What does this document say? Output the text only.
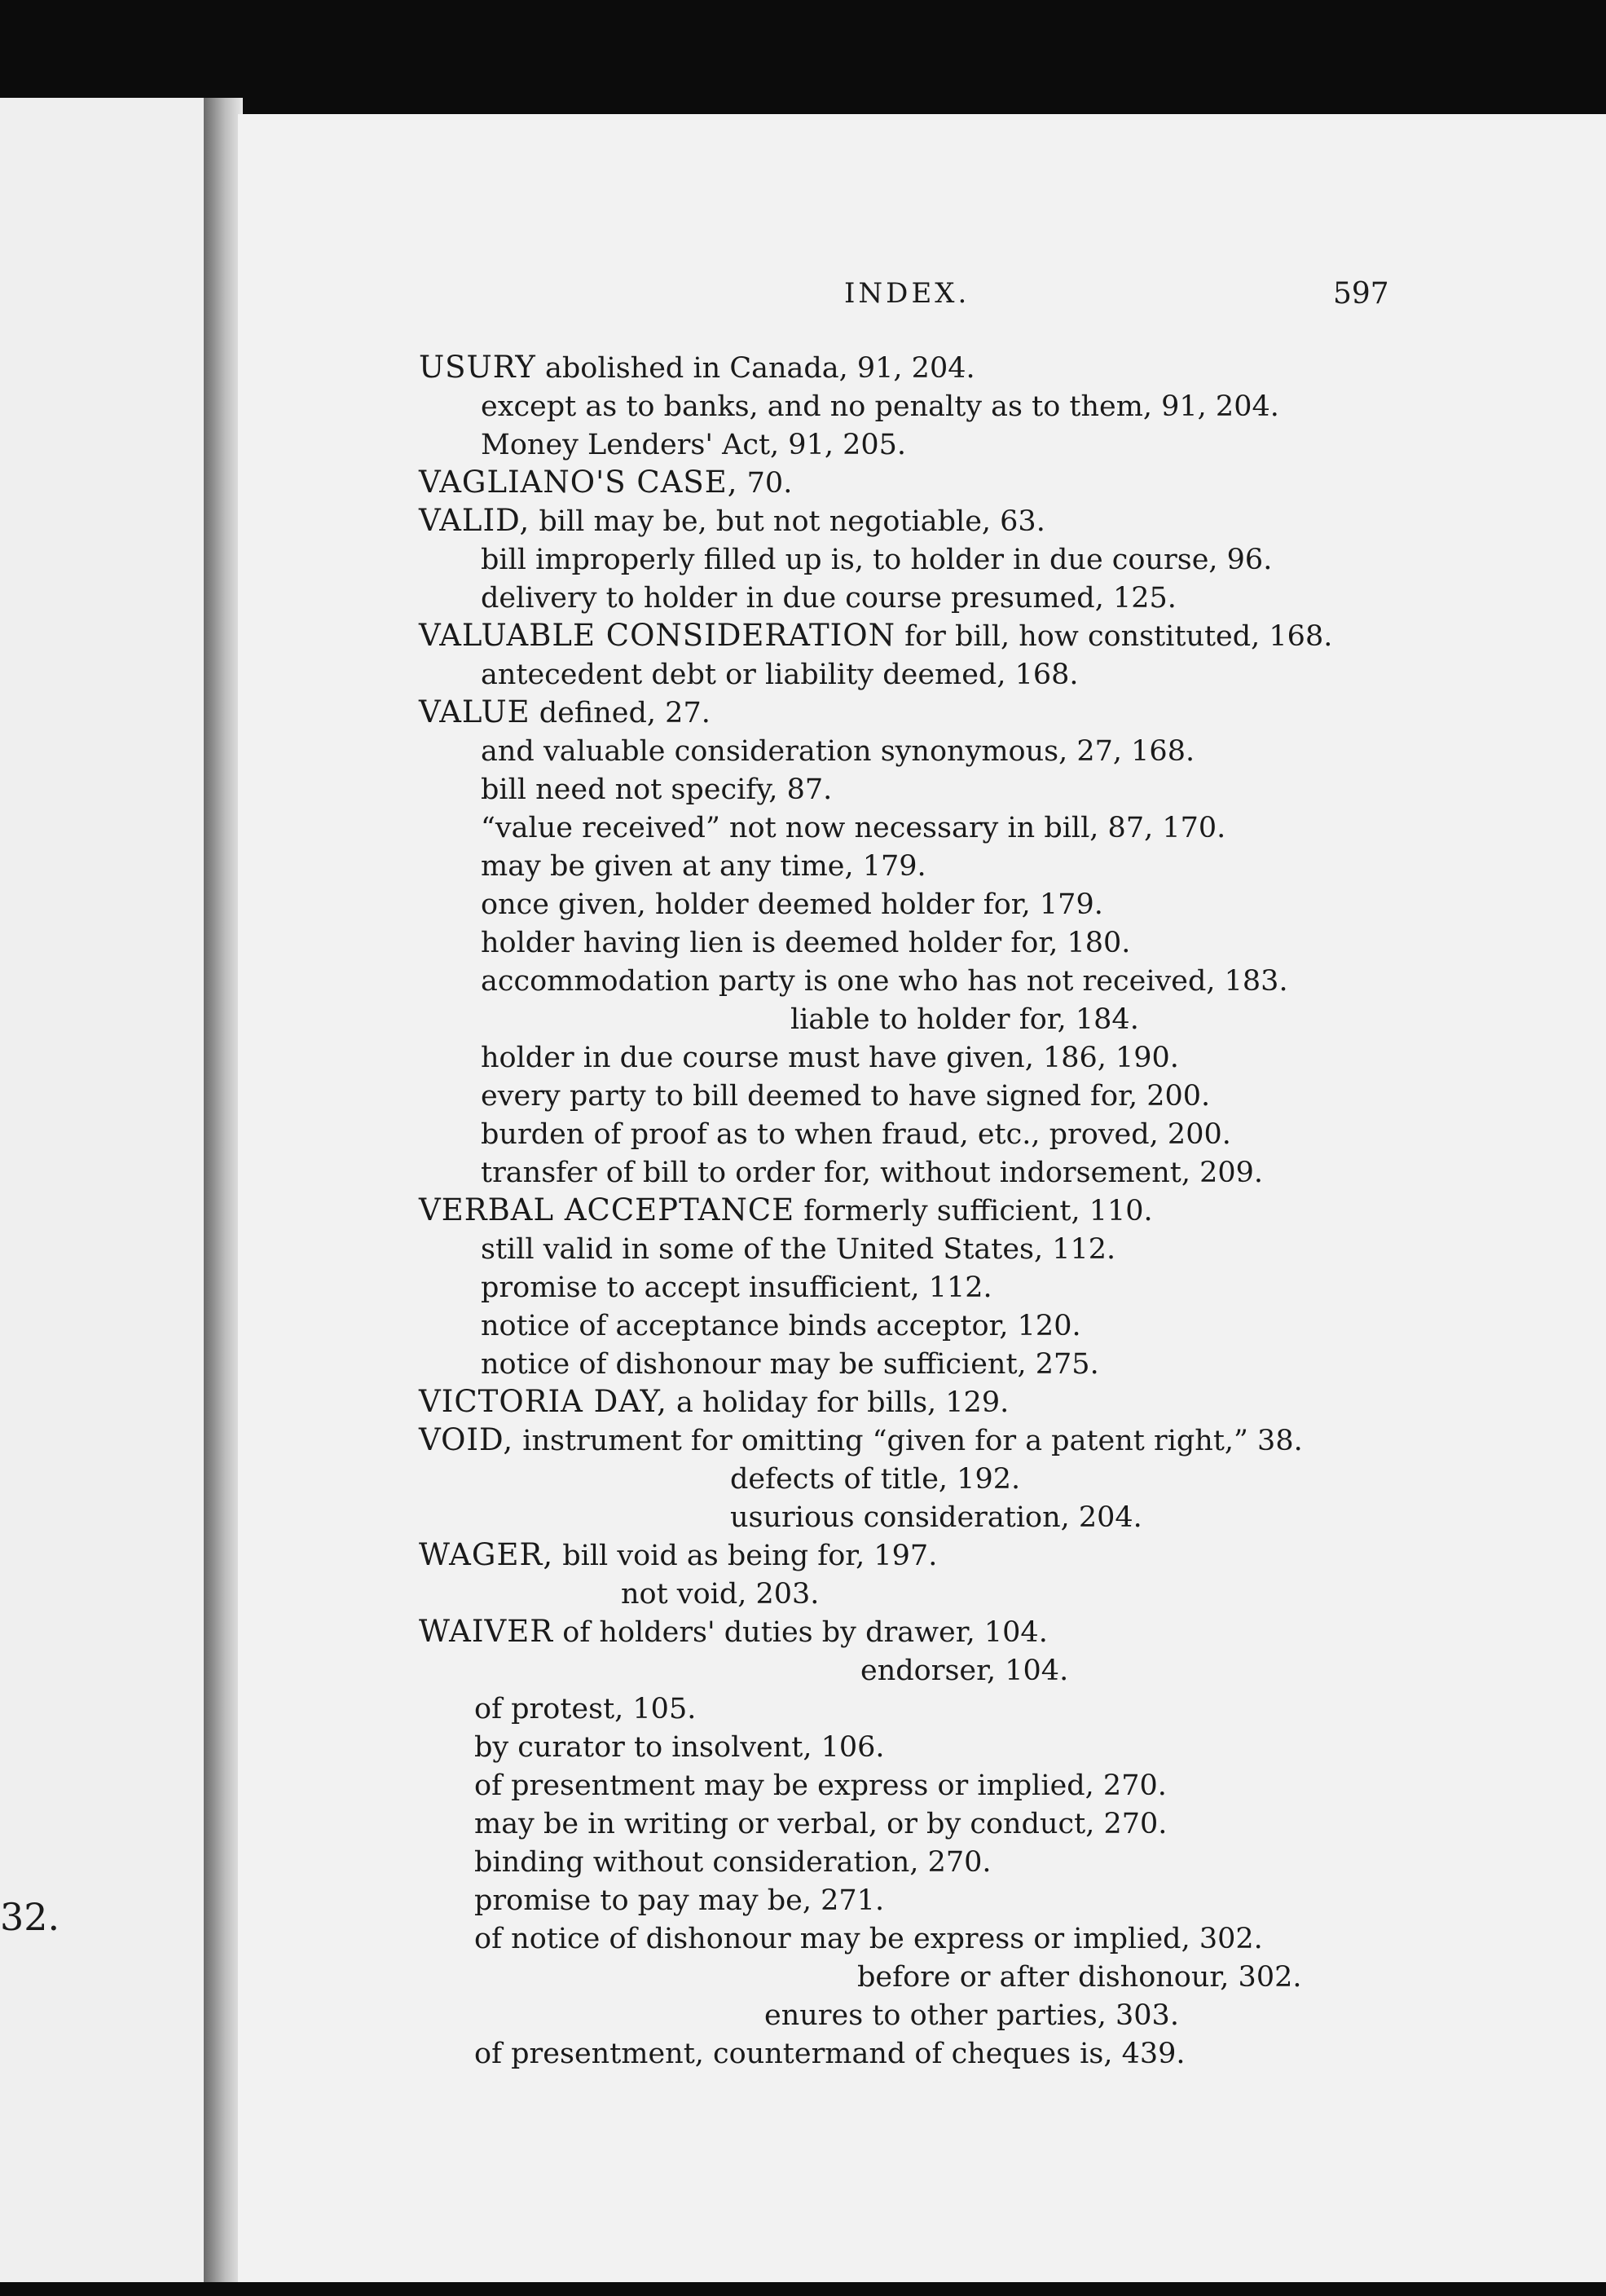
32.
INDEX.	597
USURY abolished in Canada, 91, 204.
except as to banks, and no penalty as to them, 91, 204.
Money Lenders' Act, 91, 205.
VAGLIANO'S CASE, 70.
VALID, bill may be, but not negotiable, 63.
bill improperly filled up is, to holder in due course, 96.
delivery to holder in due course presumed, 125.
VALUABLE CONSIDERATION for bill, how constituted, 168.
antecedent debt or liability deemed, 168.
VALUE defined, 27.
and valuable consideration synonymous, 27, 168.
bill need not specify, 87.
“value received” not now necessary in bill, 87, 170.
may be given at any time, 179.
once given, holder deemed holder for, 179.
holder having lien is deemed holder for, 180.
accommodation party is one who has not received, 183.
liable to holder for, 184.
holder in due course must have given, 186, 190.
every party to bill deemed to have signed for, 200.
burden of proof as to when fraud, etc., proved, 200.
transfer of bill to order for, without indorsement, 209.
VERBAL ACCEPTANCE formerly sufficient, 110.
still valid in some of the United States, 112.
promise to accept insufficient, 112.
notice of acceptance binds acceptor, 120.
notice of dishonour may be sufficient, 275.
VICTORIA DAY, a holiday for bills, 129.
VOID, instrument for omitting “given for a patent right,” 38.
defects of title, 192.
usurious consideration, 204.
WAGER, bill void as being for, 197.
not void, 203.
WAIVER of holders' duties by drawer, 104.
endorser, 104.
of protest, 105.
by curator to insolvent, 106.
of presentment may be express or implied, 270.
may be in writing or verbal, or by conduct, 270.
binding without consideration, 270.
promise to pay may be, 271.
of notice of dishonour may be express or implied, 302.
before or after dishonour, 302.
enures to other parties, 303.
of presentment, countermand of cheques is, 439.
